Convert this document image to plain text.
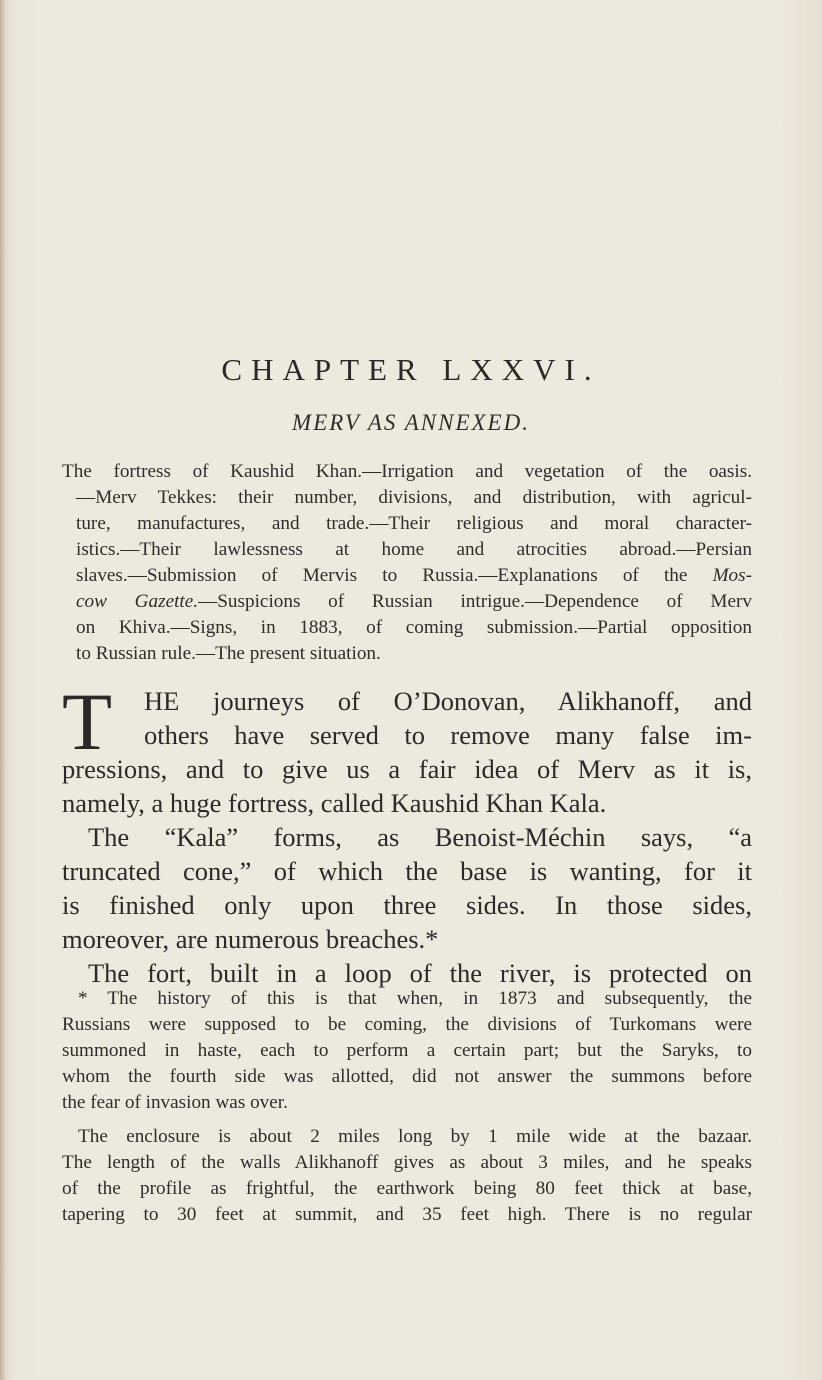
CHAPTER LXXVI.
MERV AS ANNEXED.
The fortress of Kaushid Khan.—Irrigation and vegetation of the oasis.
—Merv Tekkes: their number, divisions, and distribution, with agricul-
ture, manufactures, and trade.—Their religious and moral character-
istics.—Their lawlessness at home and atrocities abroad.—Persian
slaves.—Submission of Mervis to Russia.—Explanations of the Mos-
cow Gazette.—Suspicions of Russian intrigue.—Dependence of Merv
on Khiva.—Signs, in 1883, of coming submission.—Partial opposition
to Russian rule.—The present situation.
T	HE journeys of O’Donovan, Alikhanoff, and
others have served to remove many false im-
pressions, and to give us a fair idea of Merv as it is,
namely, a huge fortress, called Kaushid Khan Kala.
The “Kala” forms, as Benoist-Méchin says, “a
truncated cone,” of which the base is wanting, for it
is finished only upon three sides. In those sides,
moreover, are numerous breaches.*
The fort, built in a loop of the river, is protected on
* The history of this is that when, in 1873 and subsequently, the
Russians were supposed to be coming, the divisions of Turkomans were
summoned in haste, each to perform a certain part; but the Saryks, to
whom the fourth side was allotted, did not answer the summons before
the fear of invasion was over.
The enclosure is about 2 miles long by 1 mile wide at the bazaar.
The length of the walls Alikhanoff gives as about 3 miles, and he speaks
of the profile as frightful, the earthwork being 80 feet thick at base,
tapering to 30 feet at summit, and 35 feet high. There is no regular
